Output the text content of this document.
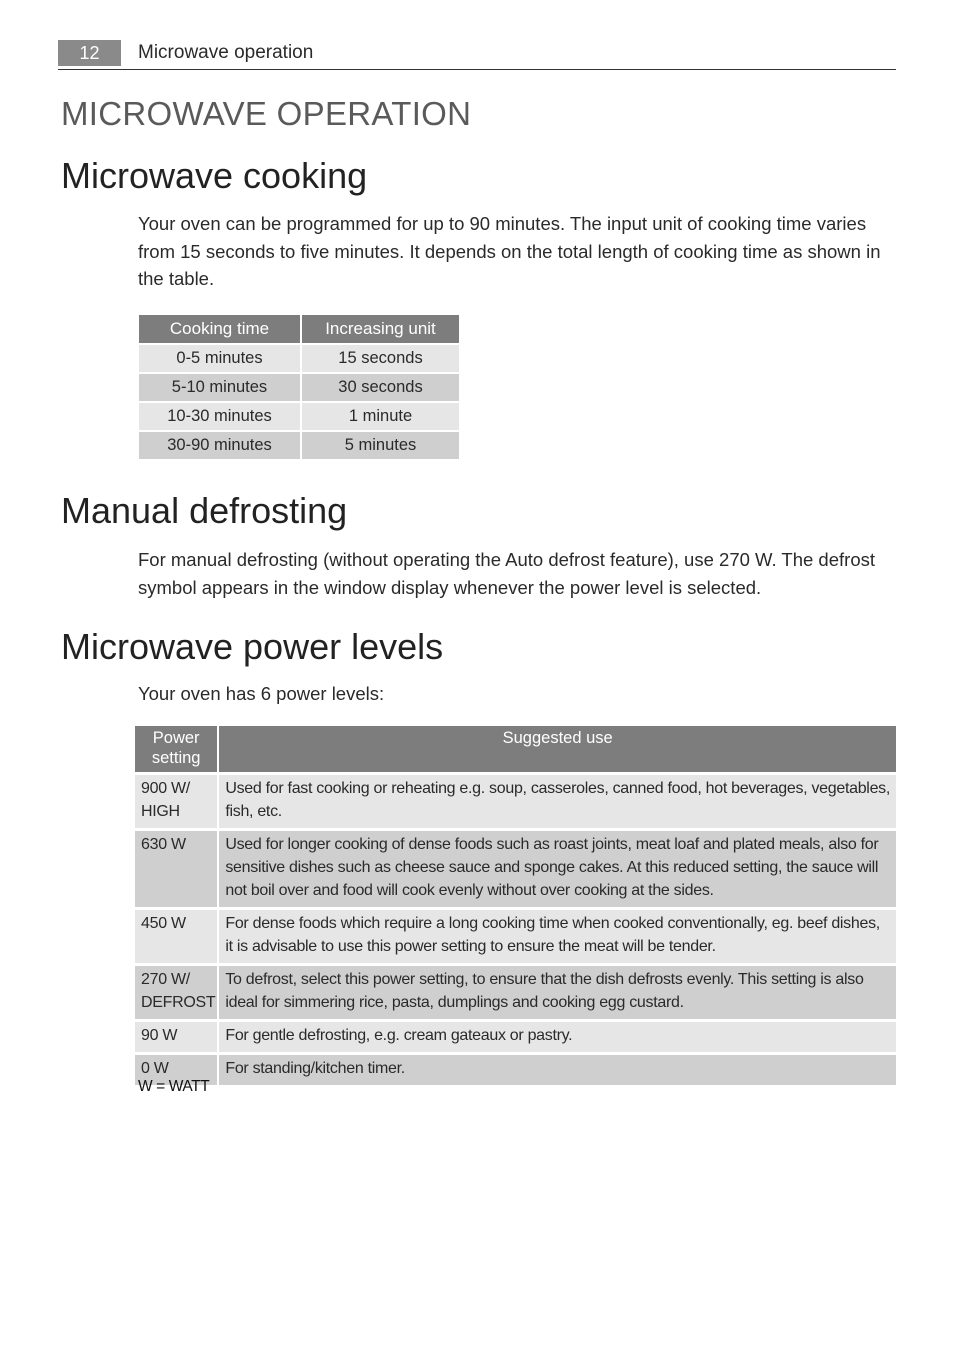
12	Microwave operation
MICROWAVE OPERATION
Microwave cooking

Your oven can be programmed for up to 90 minutes. The input unit of cooking time varies from 15 seconds to five minutes. It depends on the total length of cooking time as shown in the table.

Cooking time	Increasing unit
0-5 minutes	15 seconds
5-10 minutes	30 seconds
10-30 minutes	1 minute
30-90 minutes	5 minutes
Manual defrosting

For manual defrosting (without operating the Auto defrost feature), use 270 W. The defrost symbol appears in the window display whenever the power level is selected.

Microwave power levels

Your oven has 6 power levels:

Power setting	Suggested use
900 W/ HIGH	Used for fast cooking or reheating e.g. soup, casseroles, canned food, hot beverages, vegetables, fish, etc.
630 W	Used for longer cooking of dense foods such as roast joints, meat loaf and plated meals, also for sensitive dishes such as cheese sauce and sponge cakes. At this reduced setting, the sauce will not boil over and food will cook evenly without over cooking at the sides.
450 W	For dense foods which require a long cooking time when cooked conventionally, eg. beef dishes, it is advisable to use this power setting to ensure the meat will be tender.
270 W/ DEFROST	To defrost, select this power setting, to ensure that the dish defrosts evenly. This setting is also ideal for simmering rice, pasta, dumplings and cooking egg custard.
90 W	For gentle defrosting, e.g. cream gateaux or pastry.
0 W	For standing/kitchen timer.

W = WATT
